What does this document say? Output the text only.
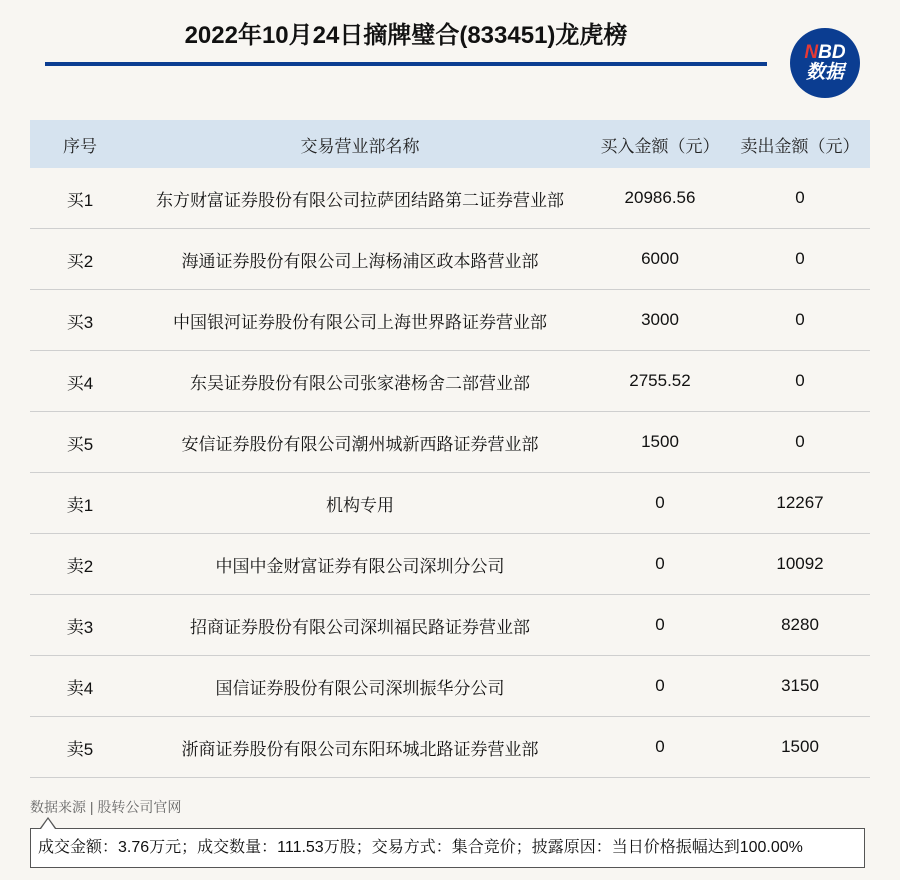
2022年10月24日摘牌璧合(833451)龙虎榜
NBD
数据
序号	交易营业部名称	买入金额（元）	卖出金额（元）
买1	东方财富证券股份有限公司拉萨团结路第二证券营业部	20986.56	0
买2	海通证券股份有限公司上海杨浦区政本路营业部	6000	0
买3	中国银河证券股份有限公司上海世界路证券营业部	3000	0
买4	东吴证券股份有限公司张家港杨舍二部营业部	2755.52	0
买5	安信证券股份有限公司潮州城新西路证券营业部	1500	0
卖1	机构专用	0	12267
卖2	中国中金财富证券有限公司深圳分公司	0	10092
卖3	招商证券股份有限公司深圳福民路证券营业部	0	8280
卖4	国信证券股份有限公司深圳振华分公司	0	3150
卖5	浙商证券股份有限公司东阳环城北路证券营业部	0	1500
数据来源 | 股转公司官网
成交金额：3.76万元；成交数量：111.53万股；交易方式：集合竞价；披露原因：当日价格振幅达到100.00%
